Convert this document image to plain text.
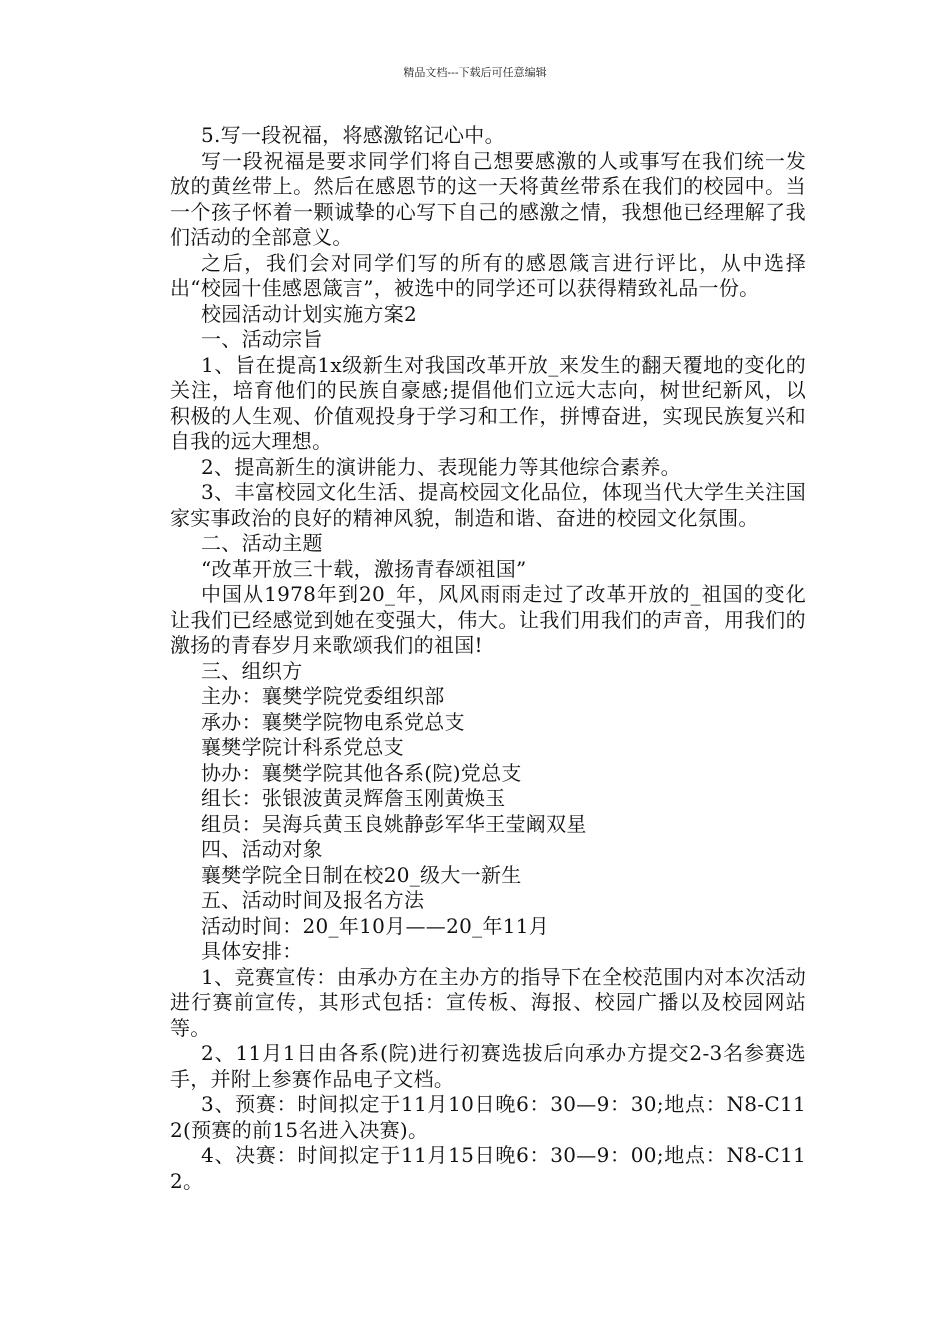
精品文档---下载后可任意编辑

5.写一段祝福，将感激铭记心中。

写一段祝福是要求同学们将自己想要感激的人或事写在我们统一发放的黄丝带上。然后在感恩节的这一天将黄丝带系在我们的校园中。当一个孩子怀着一颗诚挚的心写下自己的感激之情，我想他已经理解了我们活动的全部意义。

之后，我们会对同学们写的所有的感恩箴言进行评比，从中选择出“校园十佳感恩箴言”，被选中的同学还可以获得精致礼品一份。

校园活动计划实施方案2

一、活动宗旨

1、旨在提高1x级新生对我国改革开放_来发生的翻天覆地的变化的关注，培育他们的民族自豪感;提倡他们立远大志向，树世纪新风，以积极的人生观、价值观投身于学习和工作，拼博奋进，实现民族复兴和自我的远大理想。

2、提高新生的演讲能力、表现能力等其他综合素养。

3、丰富校园文化生活、提高校园文化品位，体现当代大学生关注国家实事政治的良好的精神风貌，制造和谐、奋进的校园文化氛围。

二、活动主题

“改革开放三十载，激扬青春颂祖国”

中国从1978年到20_年，风风雨雨走过了改革开放的_祖国的变化让我们已经感觉到她在变强大，伟大。让我们用我们的声音，用我们的激扬的青春岁月来歌颂我们的祖国!

三、组织方

主办：襄樊学院党委组织部

承办：襄樊学院物电系党总支

襄樊学院计科系党总支

协办：襄樊学院其他各系(院)党总支

组长：张银波黄灵辉詹玉刚黄焕玉

组员：吴海兵黄玉良姚静彭军华王莹阚双星

四、活动对象

襄樊学院全日制在校20_级大一新生

五、活动时间及报名方法

活动时间：20_年10月——20_年11月

具体安排：

1、竞赛宣传：由承办方在主办方的指导下在全校范围内对本次活动进行赛前宣传，其形式包括：宣传板、海报、校园广播以及校园网站等。

2、11月1日由各系(院)进行初赛选拔后向承办方提交2-3名参赛选手，并附上参赛作品电子文档。

3、预赛：时间拟定于11月10日晚6：30—9：30;地点：N8-C112(预赛的前15名进入决赛)。

4、决赛：时间拟定于11月15日晚6：30—9：00;地点：N8-C112。
